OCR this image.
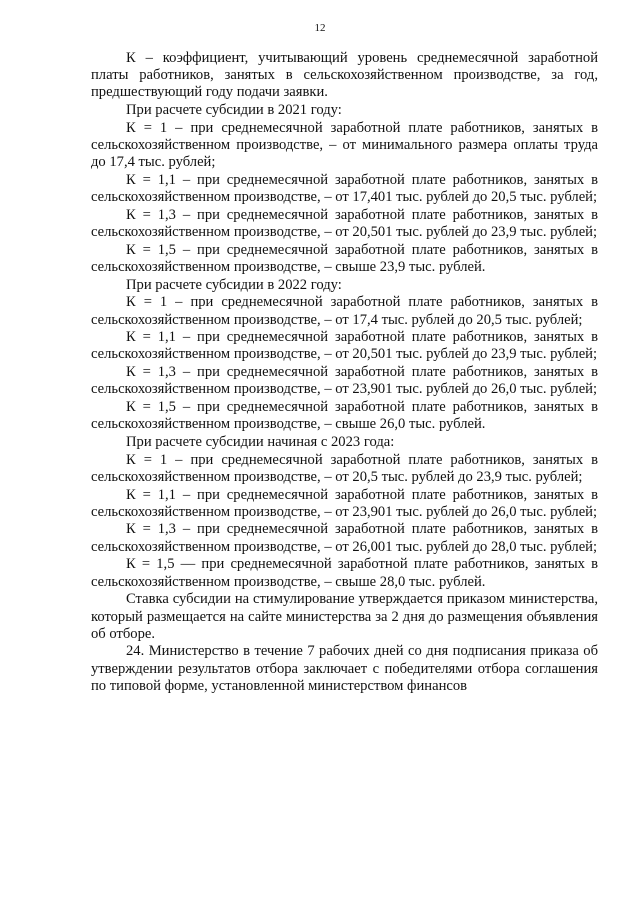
12

К – коэффициент, учитывающий уровень среднемесячной заработной платы работников, занятых в сельскохозяйственном производстве, за год, предшествующий году подачи заявки.

При расчете субсидии в 2021 году:

К = 1 – при среднемесячной заработной плате работников, занятых в сельскохозяйственном производстве, – от минимального размера оплаты труда до 17,4 тыс. рублей;

К = 1,1 – при среднемесячной заработной плате работников, занятых в сельскохозяйственном производстве, – от 17,401 тыс. рублей до 20,5 тыс. рублей;

К = 1,3 – при среднемесячной заработной плате работников, занятых в сельскохозяйственном производстве, – от 20,501 тыс. рублей до 23,9 тыс. рублей;

К = 1,5 – при среднемесячной заработной плате работников, занятых в сельскохозяйственном производстве, – свыше 23,9 тыс. рублей.

При расчете субсидии в 2022 году:

К = 1 – при среднемесячной заработной плате работников, занятых в сельскохозяйственном производстве, – от 17,4 тыс. рублей до 20,5 тыс. рублей;

К = 1,1 – при среднемесячной заработной плате работников, занятых в сельскохозяйственном производстве, – от 20,501 тыс. рублей до 23,9 тыс. рублей;

К = 1,3 – при среднемесячной заработной плате работников, занятых в сельскохозяйственном производстве, – от 23,901 тыс. рублей до 26,0 тыс. рублей;

К = 1,5 – при среднемесячной заработной плате работников, занятых в сельскохозяйственном производстве, – свыше 26,0 тыс. рублей.

При расчете субсидии начиная с 2023 года:

К = 1 – при среднемесячной заработной плате работников, занятых в сельскохозяйственном производстве, – от 20,5 тыс. рублей до 23,9 тыс. рублей;

К = 1,1 – при среднемесячной заработной плате работников, занятых в сельскохозяйственном производстве, – от 23,901 тыс. рублей до 26,0 тыс. рублей;

К = 1,3 – при среднемесячной заработной плате работников, занятых в сельскохозяйственном производстве, – от 26,001 тыс. рублей до 28,0 тыс. рублей;

К = 1,5 — при среднемесячной заработной плате работников, занятых в сельскохозяйственном производстве, – свыше 28,0 тыс. рублей.

Ставка субсидии на стимулирование утверждается приказом министерства, который размещается на сайте министерства за 2 дня до размещения объявления об отборе.

24. Министерство в течение 7 рабочих дней со дня подписания приказа об утверждении результатов отбора заключает с победителями отбора соглашения по типовой форме, установленной министерством финансов
